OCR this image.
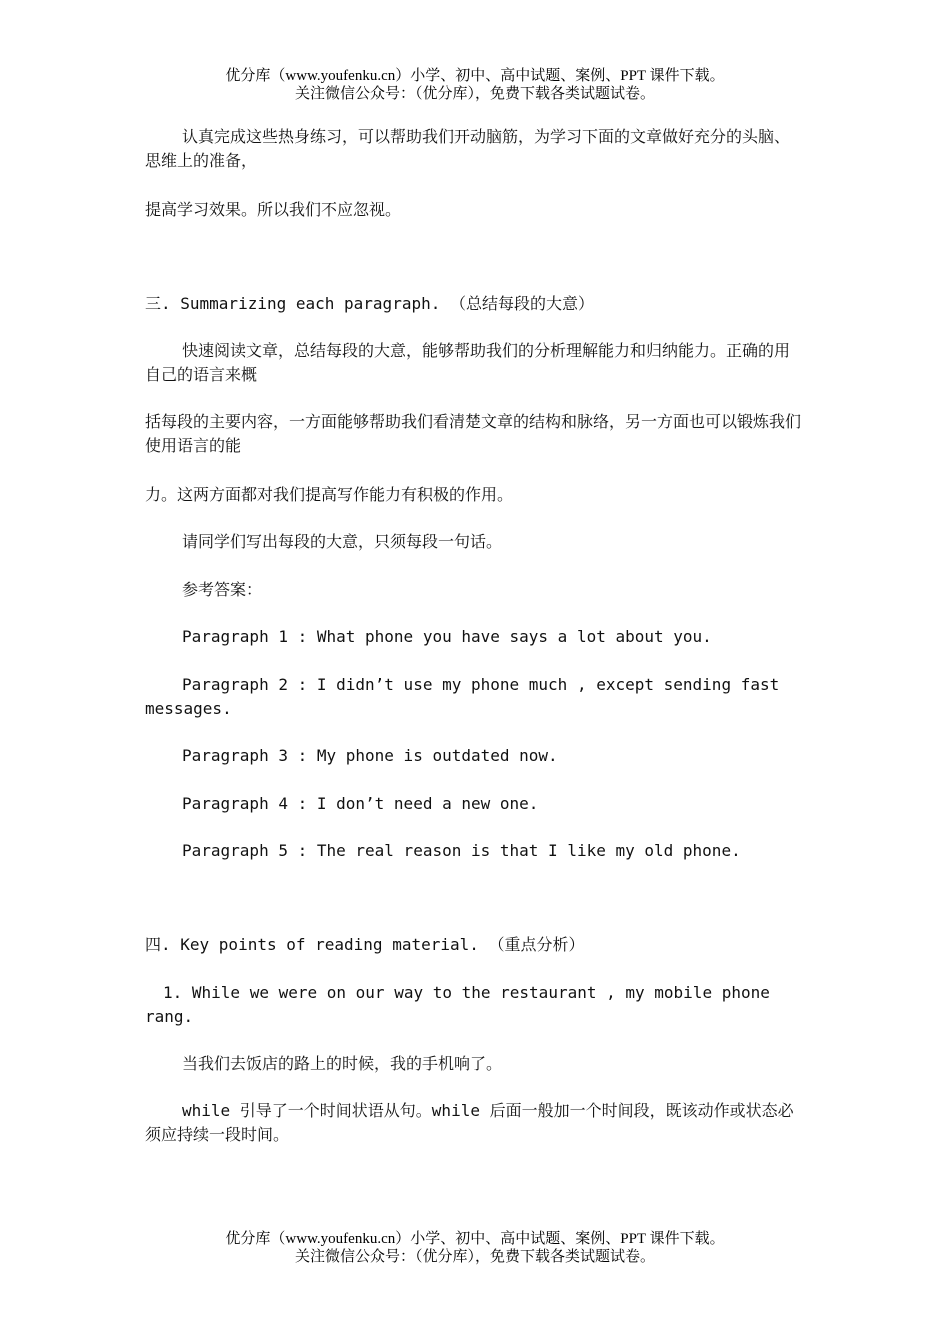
优分库（www.youfenku.cn）小学、初中、高中试题、案例、PPT 课件下载。
关注微信公众号：（优分库），免费下载各类试题试卷。

认真完成这些热身练习，可以帮助我们开动脑筋，为学习下面的文章做好充分的头脑、思维上的准备，

提高学习效果。所以我们不应忽视。

三. Summarizing each paragraph. （总结每段的大意）

快速阅读文章，总结每段的大意，能够帮助我们的分析理解能力和归纳能力。正确的用自己的语言来概

括每段的主要内容，一方面能够帮助我们看清楚文章的结构和脉络，另一方面也可以锻炼我们使用语言的能

力。这两方面都对我们提高写作能力有积极的作用。

请同学们写出每段的大意，只须每段一句话。

参考答案：

Paragraph 1 : What phone you have says a lot about you.

Paragraph 2 : I didn’t use my phone much , except sending fast messages.

Paragraph 3 : My phone is outdated now.

Paragraph 4 : I don’t need a new one.

Paragraph 5 : The real reason is that I like my old phone.

四. Key points of reading material. （重点分析）

1. While we were on our way to the restaurant , my mobile phone rang.

当我们去饭店的路上的时候，我的手机响了。

while 引导了一个时间状语从句。while 后面一般加一个时间段，既该动作或状态必须应持续一段时间。

优分库（www.youfenku.cn）小学、初中、高中试题、案例、PPT 课件下载。
关注微信公众号：（优分库），免费下载各类试题试卷。
